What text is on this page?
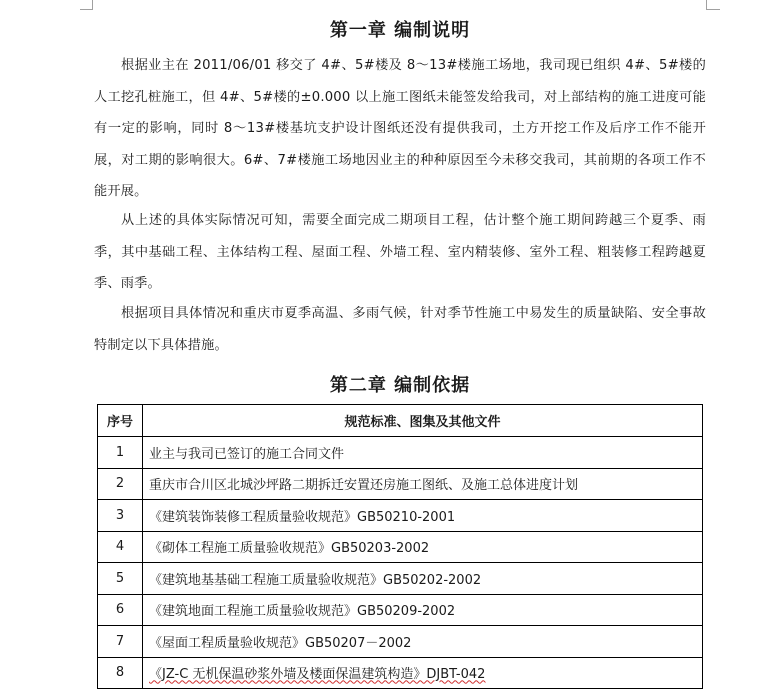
第一章 编制说明

根据业主在 2011/06/01 移交了 4#、5#楼及 8～13#楼施工场地，我司现已组织 4#、5#楼的人工挖孔桩施工，但 4#、5#楼的±0.000 以上施工图纸未能签发给我司，对上部结构的施工进度可能有一定的影响，同时 8～13#楼基坑支护设计图纸还没有提供我司，土方开挖工作及后序工作不能开展，对工期的影响很大。6#、7#楼施工场地因业主的种种原因至今未移交我司，其前期的各项工作不能开展。

从上述的具体实际情况可知，需要全面完成二期项目工程，估计整个施工期间跨越三个夏季、雨季，其中基础工程、主体结构工程、屋面工程、外墙工程、室内精装修、室外工程、粗装修工程跨越夏季、雨季。

根据项目具体情况和重庆市夏季高温、多雨气候，针对季节性施工中易发生的质量缺陷、安全事故特制定以下具体措施。

第二章 编制依据
序号	规范标准、图集及其他文件
1	业主与我司已签订的施工合同文件
2	重庆市合川区北城沙坪路二期拆迁安置还房施工图纸、及施工总体进度计划
3	《建筑装饰装修工程质量验收规范》GB50210-2001
4	《砌体工程施工质量验收规范》GB50203-2002
5	《建筑地基基础工程施工质量验收规范》GB50202-2002
6	《建筑地面工程施工质量验收规范》GB50209-2002
7	《屋面工程质量验收规范》GB50207－2002
8	《JZ-C 无机保温砂浆外墙及楼面保温建筑构造》DJBT-042
